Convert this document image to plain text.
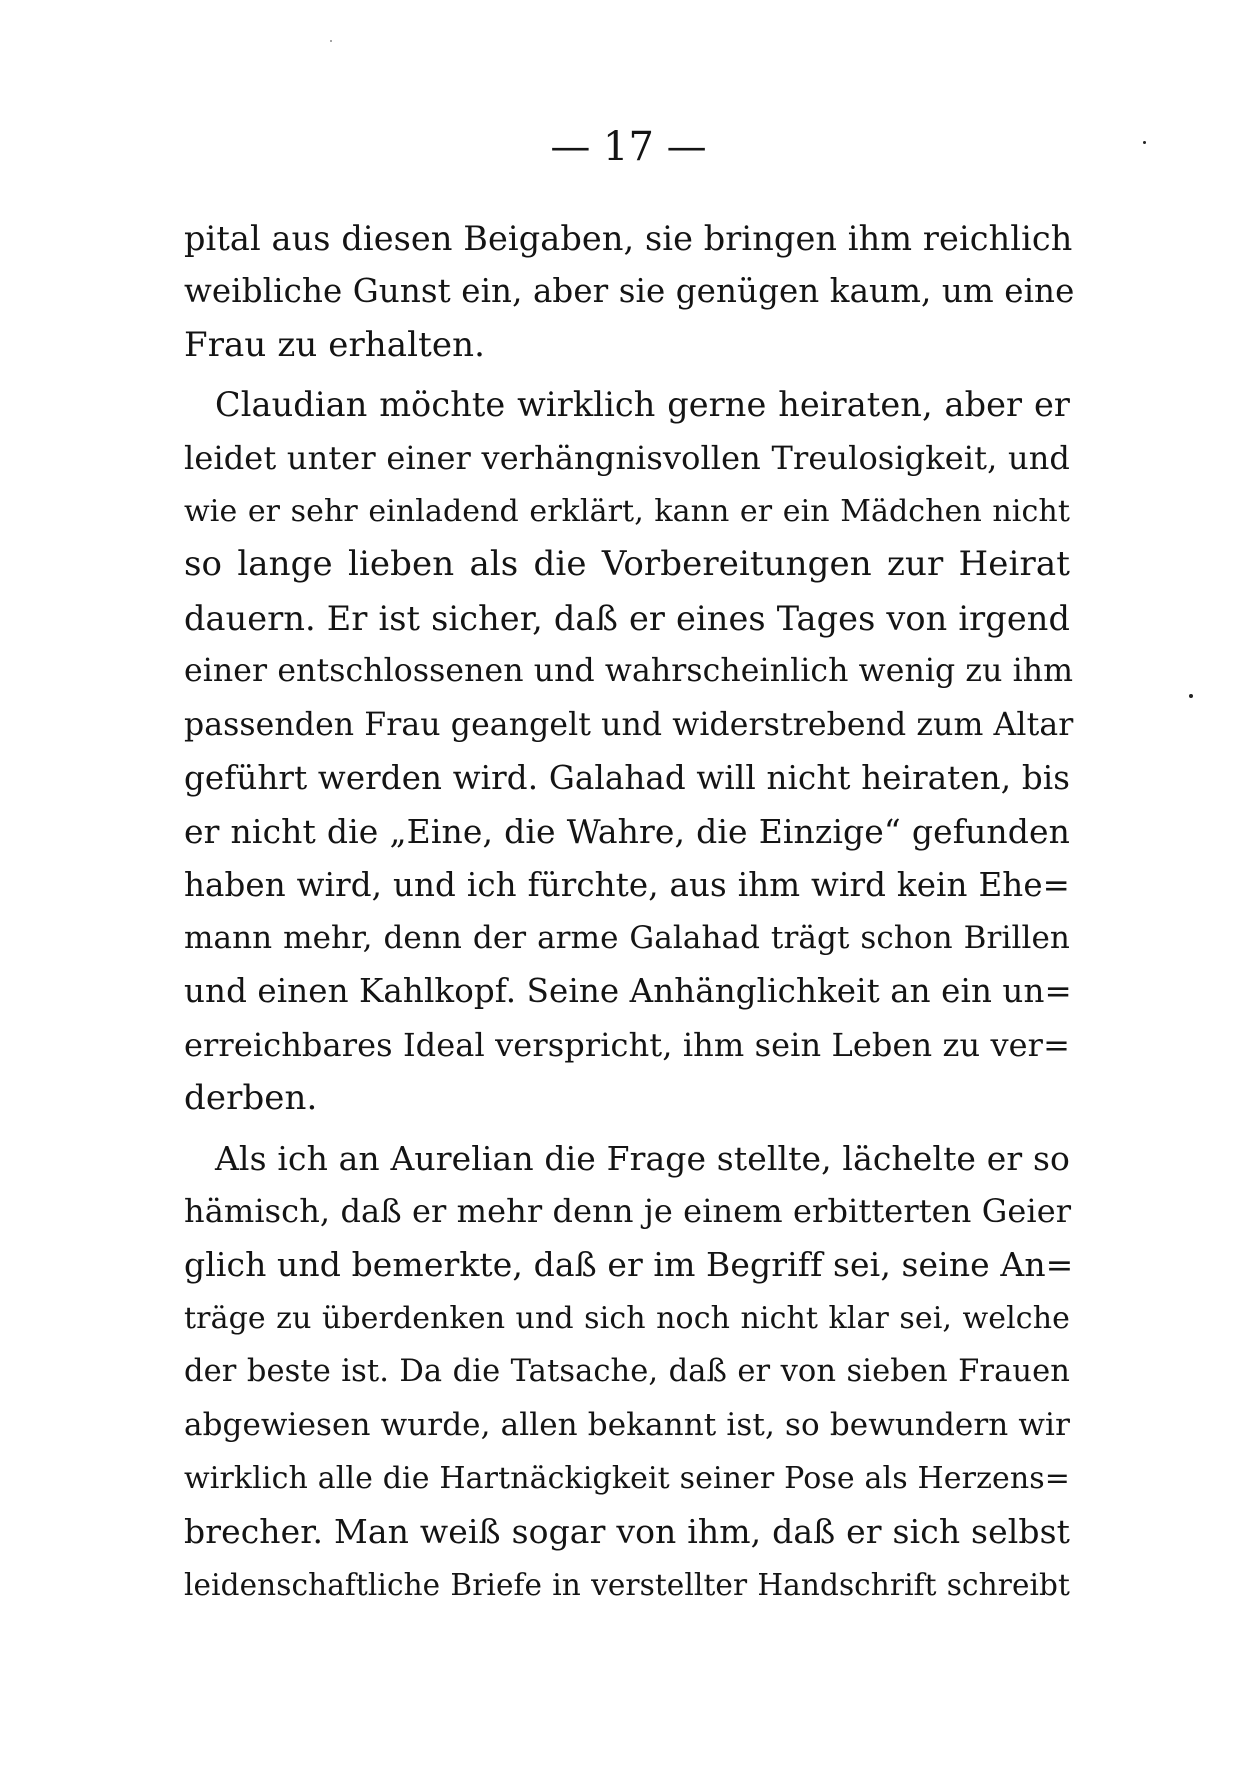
— 17 —
pital aus diesen Beigaben, sie bringen ihm reichlich
weibliche Gunst ein, aber sie genügen kaum, um eine
Frau zu erhalten.
Claudian möchte wirklich gerne heiraten, aber er
leidet unter einer verhängnisvollen Treulosigkeit, und
wie er sehr einladend erklärt, kann er ein Mädchen nicht
so lange lieben als die Vorbereitungen zur Heirat
dauern. Er ist sicher, daß er eines Tages von irgend
einer entschlossenen und wahrscheinlich wenig zu ihm
passenden Frau geangelt und widerstrebend zum Altar
geführt werden wird. Galahad will nicht heiraten, bis
er nicht die „Eine, die Wahre, die Einzige“ gefunden
haben wird, und ich fürchte, aus ihm wird kein Ehe=
mann mehr, denn der arme Galahad trägt schon Brillen
und einen Kahlkopf. Seine Anhänglichkeit an ein un=
erreichbares Ideal verspricht, ihm sein Leben zu ver=
derben.
Als ich an Aurelian die Frage stellte, lächelte er so
hämisch, daß er mehr denn je einem erbitterten Geier
glich und bemerkte, daß er im Begriff sei, seine An=
träge zu überdenken und sich noch nicht klar sei, welche
der beste ist. Da die Tatsache, daß er von sieben Frauen
abgewiesen wurde, allen bekannt ist, so bewundern wir
wirklich alle die Hartnäckigkeit seiner Pose als Herzens=
brecher. Man weiß sogar von ihm, daß er sich selbst
leidenschaftliche Briefe in verstellter Handschrift schreibt
